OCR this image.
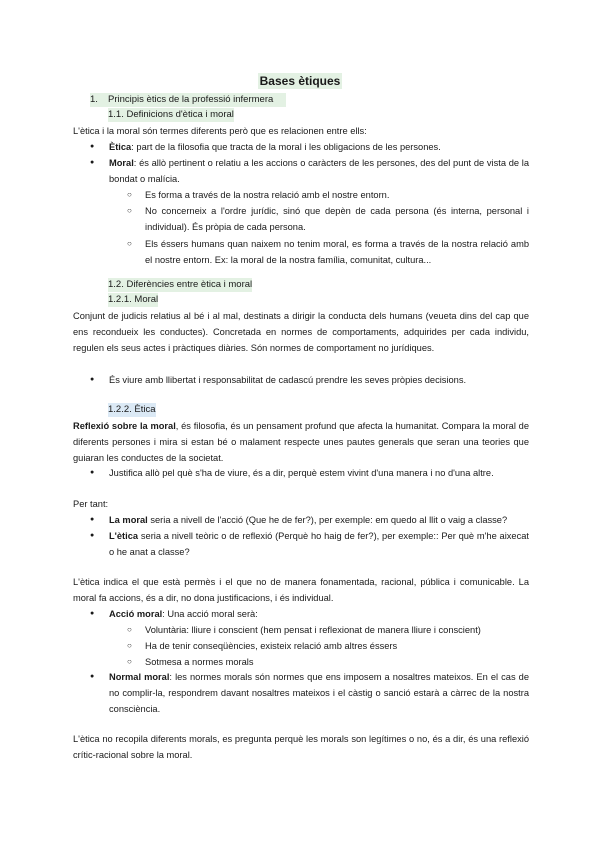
Bases ètiques
1. Principis ètics de la professió infermera
1.1. Definicions d'ètica i moral
L'ètica i la moral són termes diferents però que es relacionen entre ells:
● Ètica: part de la filosofia que tracta de la moral i les obligacions de les persones.
● Moral: és allò pertinent o relatiu a les accions o caràcters de les persones, des del punt de vista de la bondat o malícia.
○ Es forma a través de la nostra relació amb el nostre entorn.
○ No concerneix a l'ordre jurídic, sinó que depèn de cada persona (és interna, personal i individual). És pròpia de cada persona.
○ Els éssers humans quan naixem no tenim moral, es forma a través de la nostra relació amb el nostre entorn. Ex: la moral de la nostra família, comunitat, cultura...
1.2. Diferències entre ètica i moral
1.2.1. Moral
Conjunt de judicis relatius al bé i al mal, destinats a dirigir la conducta dels humans (veueta dins del cap que ens recondueix les conductes). Concretada en normes de comportaments, adquirides per cada individu, regulen els seus actes i pràctiques diàries. Són normes de comportament no jurídiques.
● És viure amb llibertat i responsabilitat de cadascú prendre les seves pròpies decisions.
1.2.2. Ètica
Reflexió sobre la moral, és filosofia, és un pensament profund que afecta la humanitat. Compara la moral de diferents persones i mira si estan bé o malament respecte unes pautes generals que seran una teories que guiaran les conductes de la societat.
● Justifica allò pel què s'ha de viure, és a dir, perquè estem vivint d'una manera i no d'una altre.
Per tant:
● La moral seria a nivell de l'acció (Que he de fer?), per exemple: em quedo al llit o vaig a classe?
● L'ètica seria a nivell teòric o de reflexió (Perquè ho haig de fer?), per exemple:: Per què m'he aixecat o he anat a classe?
L'ètica indica el que està permès i el que no de manera fonamentada, racional, pública i comunicable. La moral fa accions, és a dir, no dona justificacions, i és individual.
● Acció moral: Una acció moral serà:
○ Voluntària: lliure i conscient (hem pensat i reflexionat de manera lliure i conscient)
○ Ha de tenir conseqüències, existeix relació amb altres éssers
○ Sotmesa a normes morals
● Normal moral: les normes morals són normes que ens imposem a nosaltres mateixos. En el cas de no complir-la, respondrem davant nosaltres mateixos i el càstig o sanció estarà a càrrec de la nostra consciència.
L'ètica no recopila diferents morals, es pregunta perquè les morals son legítimes o no, és a dir, és una reflexió crític-racional sobre la moral.
